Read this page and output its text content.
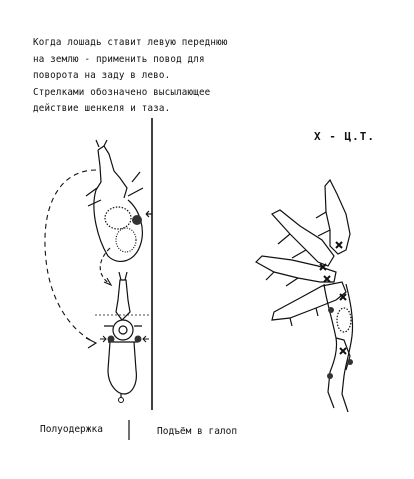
Когда лошадь ставит левую переднюю
на землю - применить повод для
поворота на заду в лево.
Стрелками обозначено высылающее
действие шенкеля и таза.
Х - Ц.Т.
Полуодержка	Подъём в галоп
